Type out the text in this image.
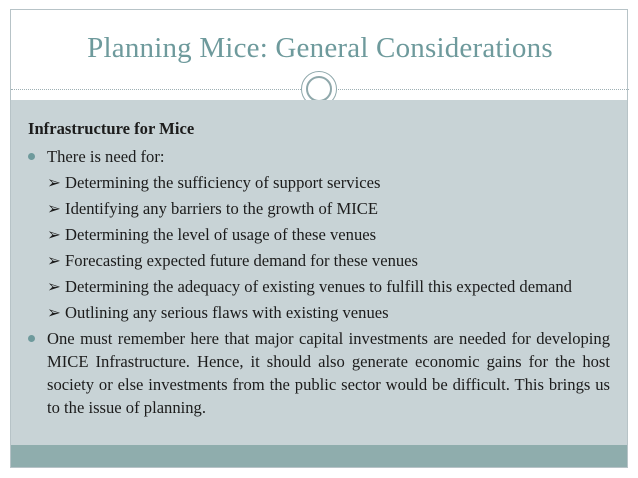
Planning Mice: General Considerations
Infrastructure for Mice
There is need for:
➢ Determining the sufficiency of support services
➢ Identifying any barriers to the growth of MICE
➢ Determining the level of usage of these venues
➢ Forecasting expected future demand for these venues
➢ Determining the adequacy of existing venues to fulfill this expected demand
➢ Outlining any serious flaws with existing venues
One must remember here that major capital investments are needed for developing MICE Infrastructure. Hence, it should also generate economic gains for the host society or else investments from the public sector would be difficult. This brings us to the issue of planning.
